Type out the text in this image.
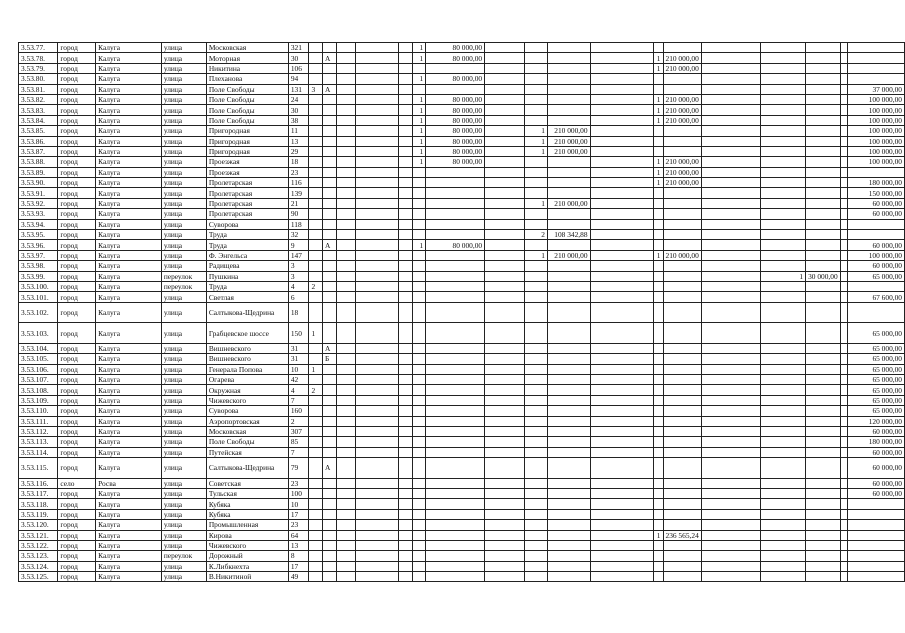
3.53.77.	город	Калуга	улица	Московская	321						1	80 000,00											
3.53.78.	город	Калуга	улица	Моторная	30		А				1	80 000,00					1	210 000,00					
3.53.79.	город	Калуга	улица	Никитина	106												1	210 000,00					
3.53.80.	город	Калуга	улица	Плеханова	94						1	80 000,00											
3.53.81.	город	Калуга	улица	Поле Свободы	131	3	А																37 000,00
3.53.82.	город	Калуга	улица	Поле Свободы	24						1	80 000,00					1	210 000,00					100 000,00
3.53.83.	город	Калуга	улица	Поле Свободы	30						1	80 000,00					1	210 000,00					100 000,00
3.53.84.	город	Калуга	улица	Поле Свободы	38						1	80 000,00					1	210 000,00					100 000,00
3.53.85.	город	Калуга	улица	Пригородная	11						1	80 000,00		1	210 000,00								100 000,00
3.53.86.	город	Калуга	улица	Пригородная	13						1	80 000,00		1	210 000,00								100 000,00
3.53.87.	город	Калуга	улица	Пригородная	29						1	80 000,00		1	210 000,00								100 000,00
3.53.88.	город	Калуга	улица	Проезжая	18						1	80 000,00					1	210 000,00					100 000,00
3.53.89.	город	Калуга	улица	Проезжая	23												1	210 000,00					
3.53.90.	город	Калуга	улица	Пролетарская	116												1	210 000,00					180 000,00
3.53.91.	город	Калуга	улица	Пролетарская	139																		150 000,00
3.53.92.	город	Калуга	улица	Пролетарская	21									1	210 000,00								60 000,00
3.53.93.	город	Калуга	улица	Пролетарская	90																		60 000,00
3.53.94.	город	Калуга	улица	Суворова	118																		
3.53.95.	город	Калуга	улица	Труда	32									2	108 342,88								
3.53.96.	город	Калуга	улица	Труда	9		А				1	80 000,00											60 000,00
3.53.97.	город	Калуга	улица	Ф. Энгельса	147									1	210 000,00		1	210 000,00					100 000,00
3.53.98.	город	Калуга	улица	Радищева	3																		60 000,00
3.53.99.	город	Калуга	переулок	Пушкина	3															1	30 000,00		65 000,00
3.53.100.	город	Калуга	переулок	Труда	4	2																	
3.53.101.	город	Калуга	улица	Светлая	6																		67 600,00
3.53.102.	город	Калуга	улица	Салтыкова-Щедрина	18																		
3.53.103.	город	Калуга	улица	Грабцевское шоссе	150	1																	65 000,00
3.53.104.	город	Калуга	улица	Вишневского	31		А																65 000,00
3.53.105.	город	Калуга	улица	Вишневского	31		Б																65 000,00
3.53.106.	город	Калуга	улица	Генерала Попова	10	1																	65 000,00
3.53.107.	город	Калуга	улица	Огарева	42																		65 000,00
3.53.108.	город	Калуга	улица	Окружная	4	2																	65 000,00
3.53.109.	город	Калуга	улица	Чижевского	7																		65 000,00
3.53.110.	город	Калуга	улица	Суворова	160																		65 000,00
3.53.111.	город	Калуга	улица	Аэропортовская	2																		120 000,00
3.53.112.	город	Калуга	улица	Московская	307																		60 000,00
3.53.113.	город	Калуга	улица	Поле Свободы	85																		180 000,00
3.53.114.	город	Калуга	улица	Путейская	7																		60 000,00
3.53.115.	город	Калуга	улица	Салтыкова-Щедрина	79		А																60 000,00
3.53.116.	село	Росва	улица	Советская	23																		60 000,00
3.53.117.	город	Калуга	улица	Тульская	100																		60 000,00
3.53.118.	город	Калуга	улица	Кубяка	10																		
3.53.119.	город	Калуга	улица	Кубяка	17																		
3.53.120.	город	Калуга	улица	Промышленная	23																		
3.53.121.	город	Калуга	улица	Кирова	64												1	236 565,24					
3.53.122.	город	Калуга	улица	Чижевского	13																		
3.53.123.	город	Калуга	переулок	Дорожный	8																		
3.53.124.	город	Калуга	улица	К.Либкнехта	17																		
3.53.125.	город	Калуга	улица	В.Никитиной	49																		
